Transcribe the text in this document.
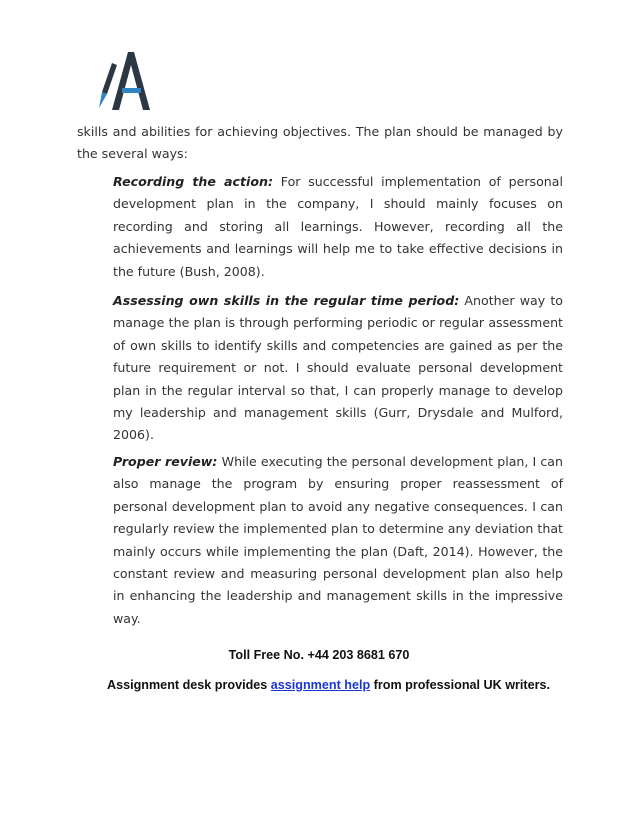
skills and abilities for achieving objectives. The plan should be managed by the several ways:

Recording the action: For successful implementation of personal development plan in the company, I should mainly focuses on recording and storing all learnings. However, recording all the achievements and learnings will help me to take effective decisions in the future (Bush, 2008).

Assessing own skills in the regular time period: Another way to manage the plan is through performing periodic or regular assessment of own skills to identify skills and competencies are gained as per the future requirement or not. I should evaluate personal development plan in the regular interval so that, I can properly manage to develop my leadership and management skills (Gurr, Drysdale and Mulford, 2006).

Proper review: While executing the personal development plan, I can also manage the program by ensuring proper reassessment of personal development plan to avoid any negative consequences. I can regularly review the implemented plan to determine any deviation that mainly occurs while implementing the plan (Daft, 2014). However, the constant review and measuring personal development plan also help in enhancing the leadership and management skills in the impressive way.

Toll Free No. +44 203 8681 670
Assignment desk provides assignment help from professional UK writers.
